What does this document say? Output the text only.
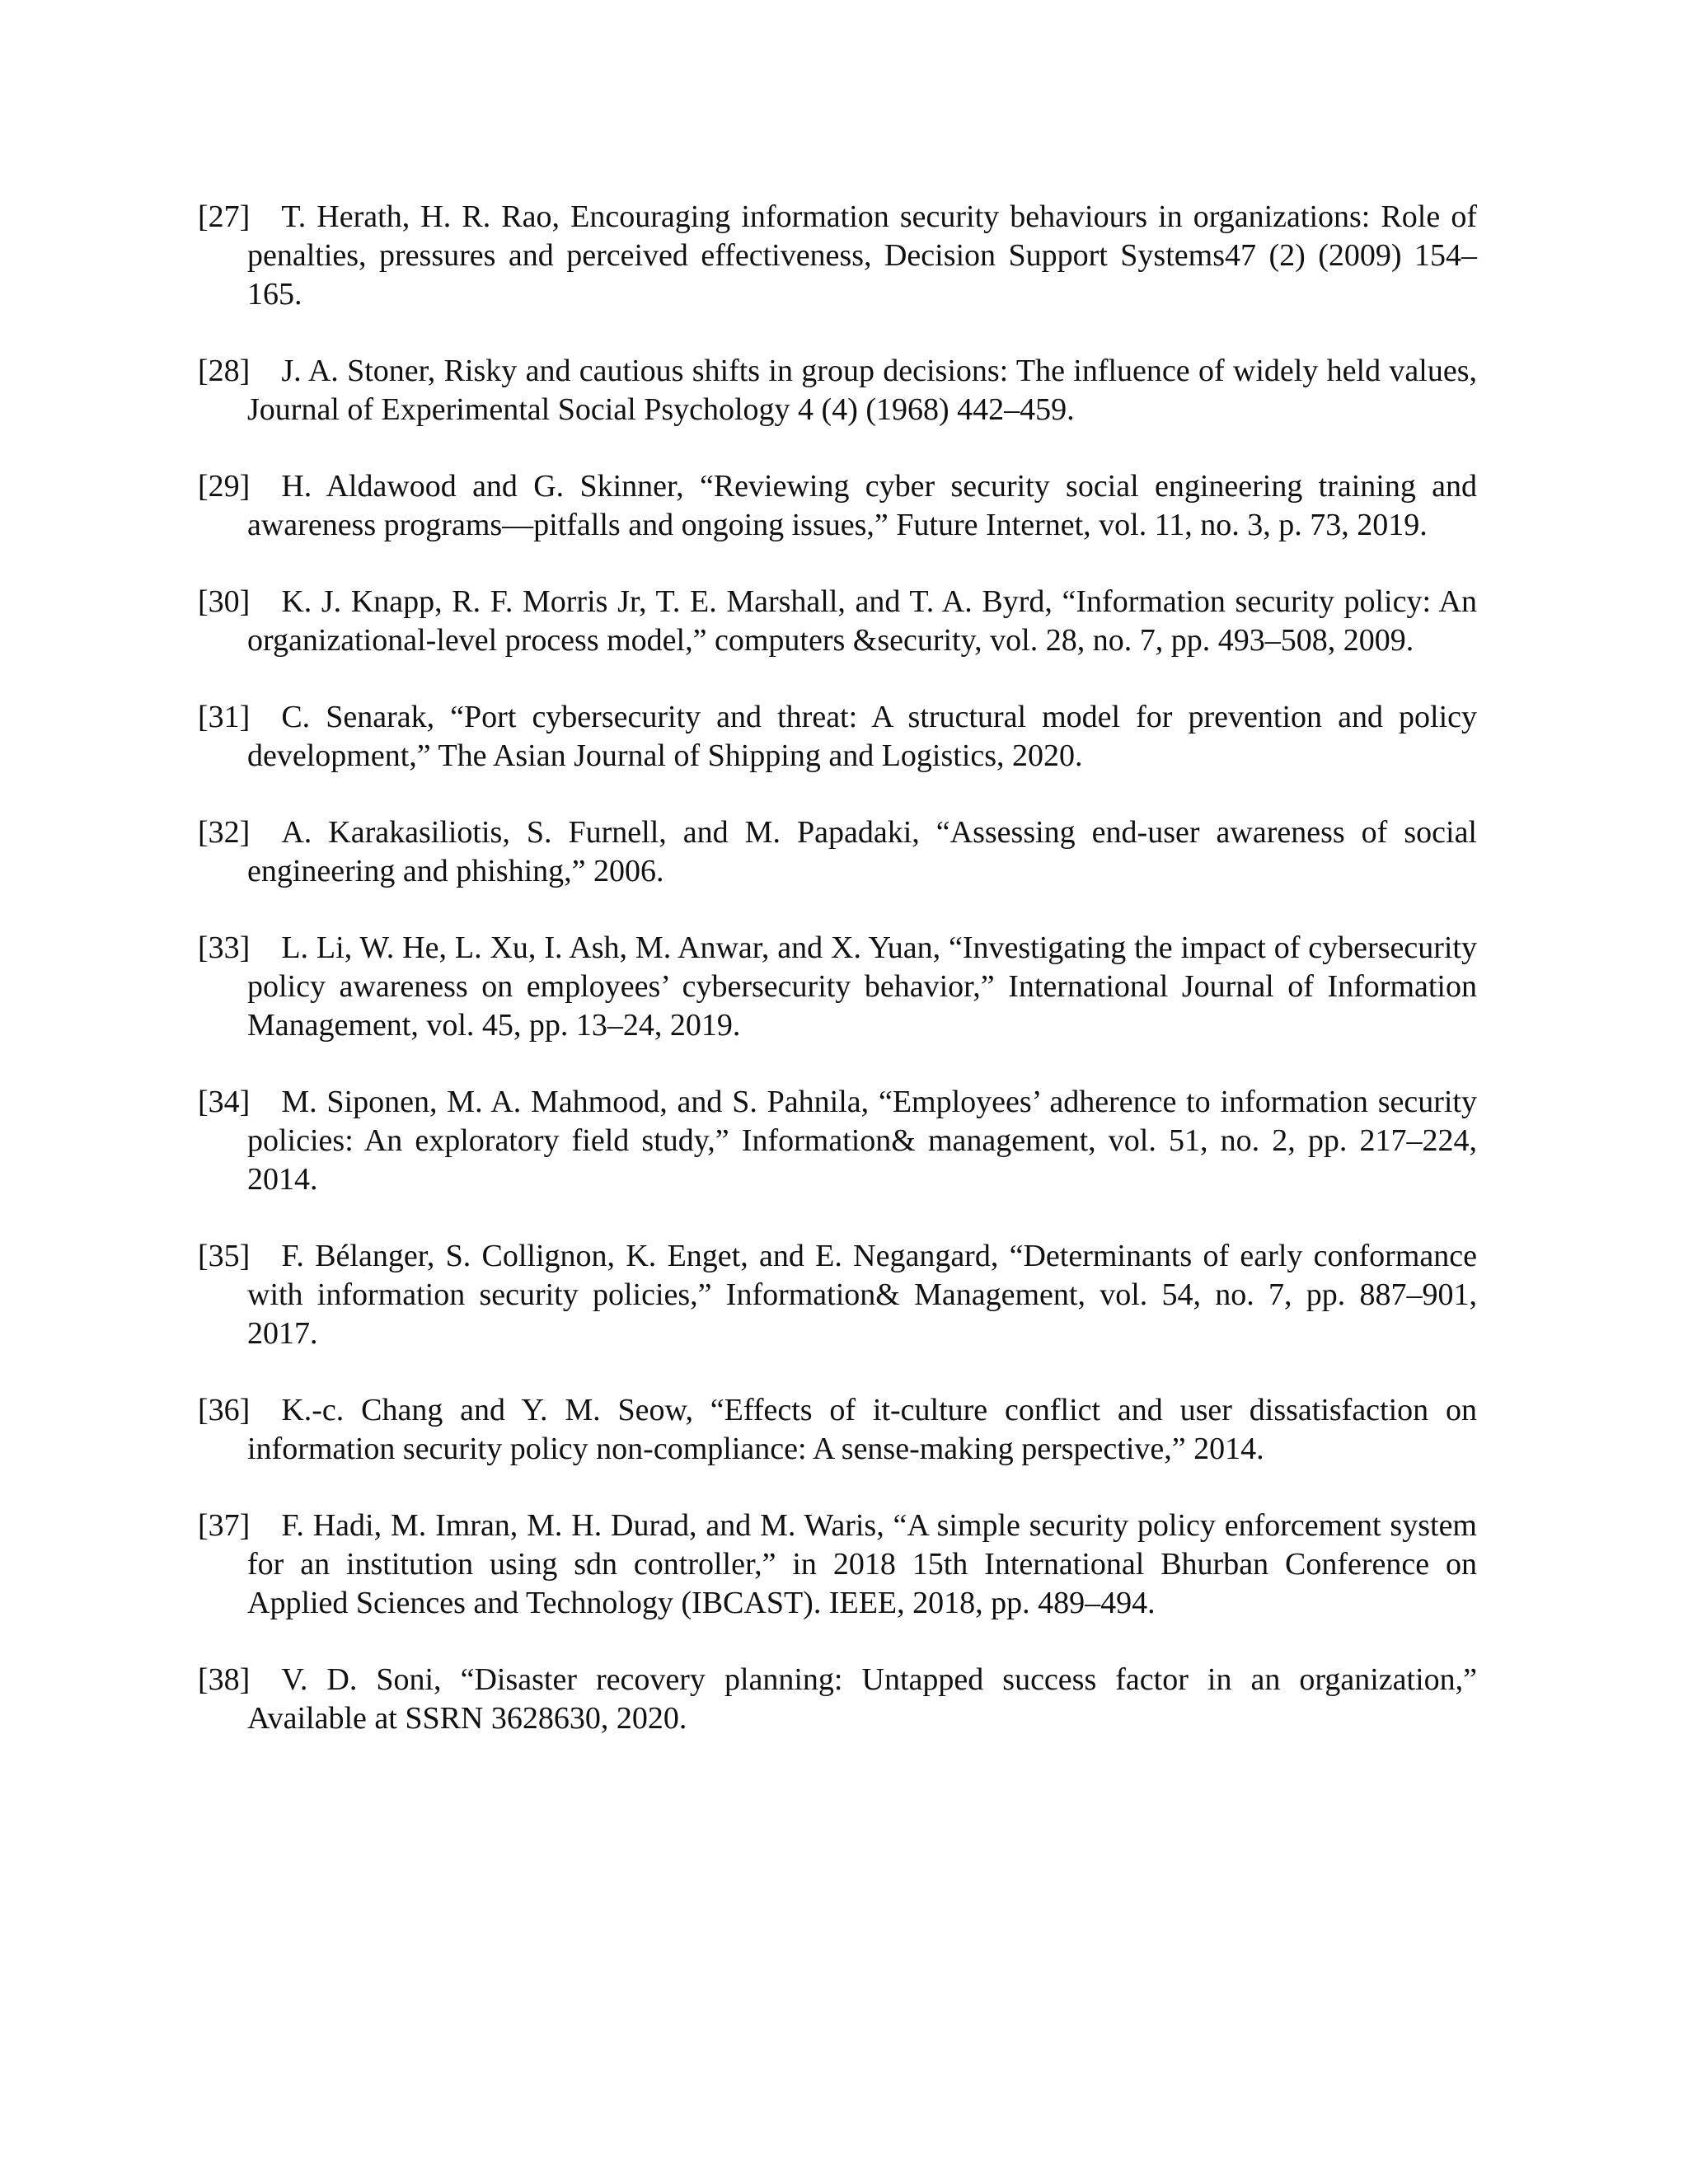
[27] T. Herath, H. R. Rao, Encouraging information security behaviours in organizations: Role of penalties, pressures and perceived effectiveness, Decision Support Systems47 (2) (2009) 154–165.
[28] J. A. Stoner, Risky and cautious shifts in group decisions: The influence of widely held values, Journal of Experimental Social Psychology 4 (4) (1968) 442–459.
[29] H. Aldawood and G. Skinner, “Reviewing cyber security social engineering training and awareness programs—pitfalls and ongoing issues,” Future Internet, vol. 11, no. 3, p. 73, 2019.
[30] K. J. Knapp, R. F. Morris Jr, T. E. Marshall, and T. A. Byrd, “Information security policy: An organizational-level process model,” computers &security, vol. 28, no. 7, pp. 493–508, 2009.
[31] C. Senarak, “Port cybersecurity and threat: A structural model for prevention and policy development,” The Asian Journal of Shipping and Logistics, 2020.
[32] A. Karakasiliotis, S. Furnell, and M. Papadaki, “Assessing end-user awareness of social engineering and phishing,” 2006.
[33] L. Li, W. He, L. Xu, I. Ash, M. Anwar, and X. Yuan, “Investigating the impact of cybersecurity policy awareness on employees’ cybersecurity behavior,” International Journal of Information Management, vol. 45, pp. 13–24, 2019.
[34] M. Siponen, M. A. Mahmood, and S. Pahnila, “Employees’ adherence to information security policies: An exploratory field study,” Information& management, vol. 51, no. 2, pp. 217–224, 2014.
[35] F. Bélanger, S. Collignon, K. Enget, and E. Negangard, “Determinants of early conformance with information security policies,” Information& Management, vol. 54, no. 7, pp. 887–901, 2017.
[36] K.-c. Chang and Y. M. Seow, “Effects of it-culture conflict and user dissatisfaction on information security policy non-compliance: A sense-making perspective,” 2014.
[37] F. Hadi, M. Imran, M. H. Durad, and M. Waris, “A simple security policy enforcement system for an institution using sdn controller,” in 2018 15th International Bhurban Conference on Applied Sciences and Technology (IBCAST). IEEE, 2018, pp. 489–494.
[38] V. D. Soni, “Disaster recovery planning: Untapped success factor in an organization,” Available at SSRN 3628630, 2020.
